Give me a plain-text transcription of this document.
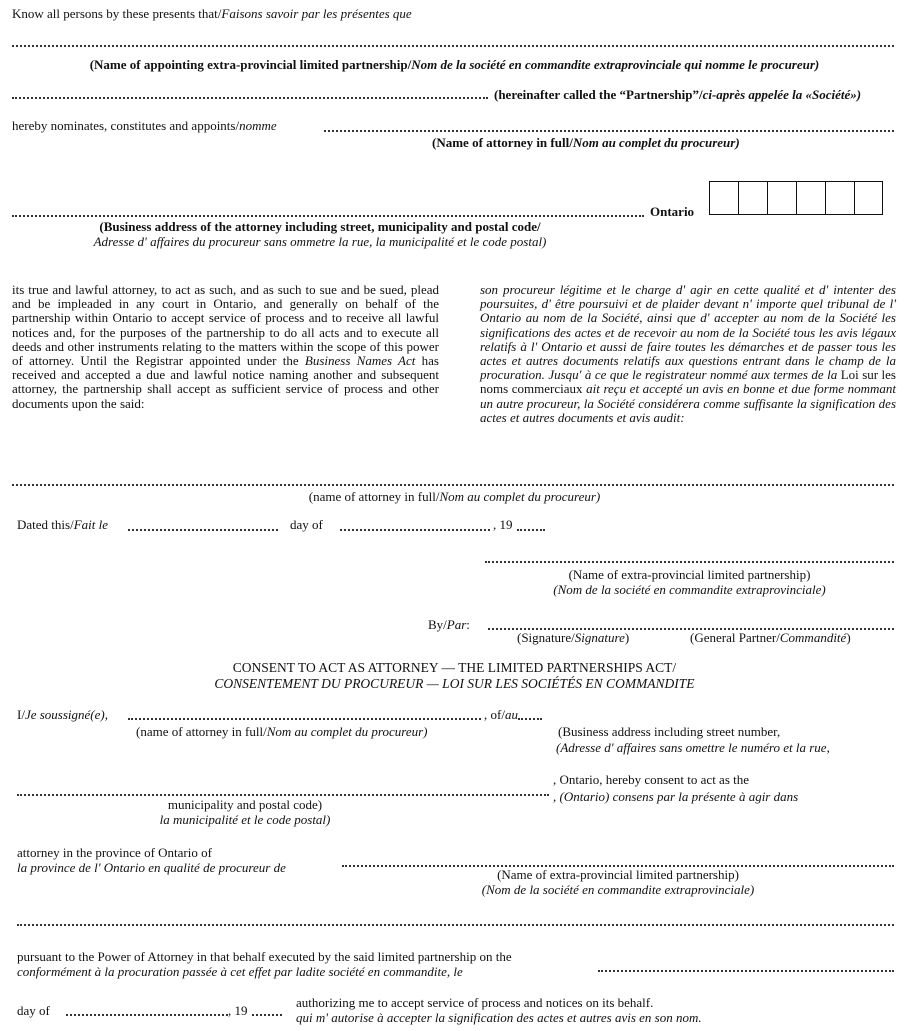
Know all persons by these presents that/Faisons savoir par les présentes que
(Name of appointing extra-provincial limited partnership/Nom de la société en commandite extraprovinciale qui nomme le procureur)
(hereinafter called the “Partnership”/ci-après appelée la «Société»)
hereby nominates, constitutes and appoints/nomme
(Name of attorney in full/Nom au complet du procureur)
Ontario
(Business address of the attorney including street, municipality and postal code/
Adresse d' affaires du procureur sans ommetre la rue, la municipalité et le code postal)
its true and lawful attorney, to act as such, and as such to sue and be sued, plead and be impleaded in any court in Ontario, and generally on behalf of the partnership within Ontario to accept service of process and to receive all lawful notices and, for the purposes of the partnership to do all acts and to execute all deeds and other instruments relating to the matters within the scope of this power of attorney. Until the Registrar appointed under the Business Names Act has received and accepted a due and lawful notice naming another and subsequent attorney, the partnership shall accept as sufficient service of process and other documents upon the said:
son procureur légitime et le charge d' agir en cette qualité et d' intenter des poursuites, d' être poursuivi et de plaider devant n' importe quel tribunal de l' Ontario au nom de la Société, ainsi que d' accepter au nom de la Société les significations des actes et de recevoir au nom de la Société tous les avis légaux relatifs à l' Ontario et aussi de faire toutes les démarches et de passer tous les actes et autres documents relatifs aux questions entrant dans le champ de la procuration. Jusqu' à ce que le registrateur nommé aux termes de la Loi sur les noms commerciaux ait reçu et accepté un avis en bonne et due forme nommant un autre procureur, la Société considérera comme suffisante la signification des actes et autres documents et avis audit:
(name of attorney in full/Nom au complet du procureur)
Dated this/Fait le	day of	, 19
(Name of extra-provincial limited partnership)
(Nom de la société en commandite extraprovinciale)
By/Par:
(Signature/Signature)	(General Partner/Commandité)
CONSENT TO ACT AS ATTORNEY — THE LIMITED PARTNERSHIPS ACT/
CONSENTEMENT DU PROCUREUR — LOI SUR LES SOCIÉTÉS EN COMMANDITE
I/Je soussigné(e),	, of/au
(name of attorney in full/Nom au complet du procureur)	(Business address including street number,
(Adresse d' affaires sans omettre le numéro et la rue,
, Ontario, hereby consent to act as the
, (Ontario) consens par la présente à agir dans
municipality and postal code)
la municipalité et le code postal)
attorney in the province of Ontario of
la province de l' Ontario en qualité de procureur de	(Name of extra-provincial limited partnership)
(Nom de la société en commandite extraprovinciale)
pursuant to the Power of Attorney in that behalf executed by the said limited partnership on the
conformément à la procuration passée à cet effet par ladite société en commandite, le
day of	, 19
authorizing me to accept service of process and notices on its behalf.
qui m' autorise à accepter la signification des actes et autres avis en son nom.
